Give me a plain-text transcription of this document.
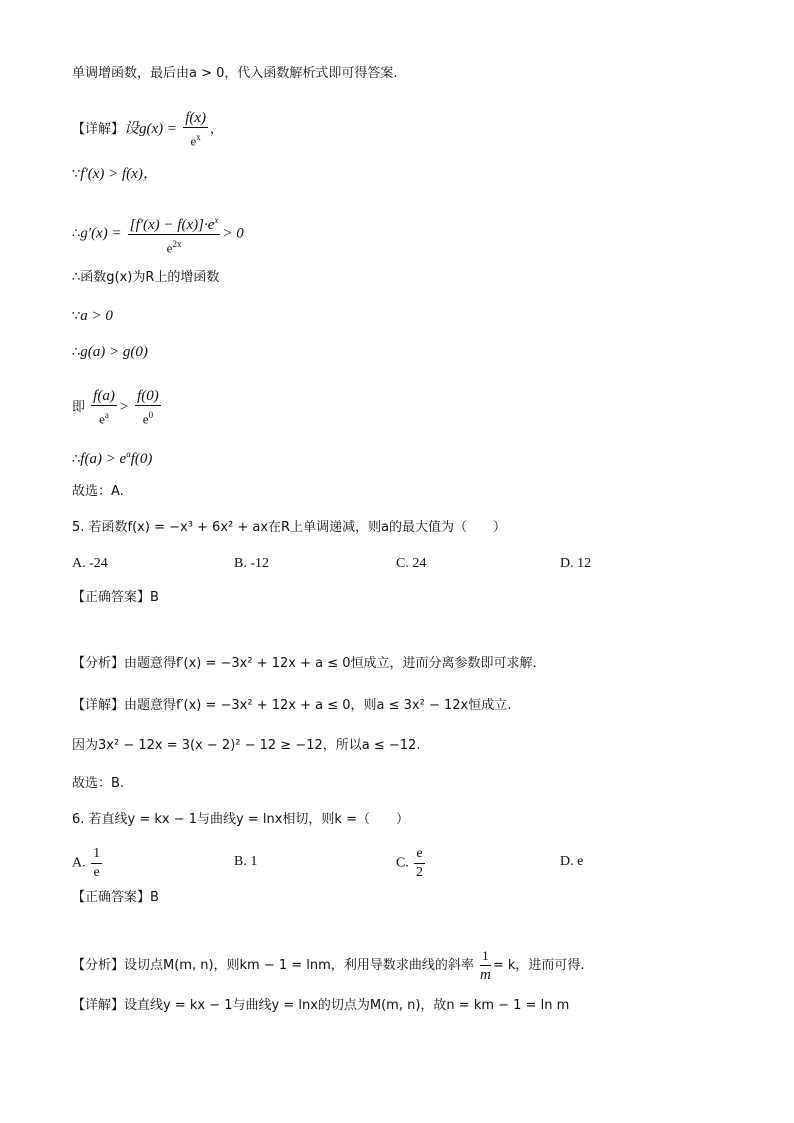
单调增函数，最后由a > 0，代入函数解析式即可得答案.
【详解】设$g(x) = \frac{f(x)}{e^x}$ ，
∵f′(x) > f(x)，
∴g′(x) = $\frac{[f'(x) - f(x)]\cdot e^x}{e^{2x}} > 0$
∴函数g(x)为R上的增函数
∵a > 0
∴g(a) > g(0)
即 $\frac{f(a)}{e^a} > \frac{f(0)}{e^0}$
∴f(a) > $e^af(0)$
故选：A.
5. 若函数f(x) = −x³ + 6x² + ax在R上单调递减，则a的最大值为（　　）
A. -24	B. -12	C. 24	D. 12
【正确答案】B
【分析】由题意得f′(x) = −3x² + 12x + a ≤ 0恒成立，进而分离参数即可求解.
【详解】由题意得f′(x) = −3x² + 12x + a ≤ 0，则a ≤ 3x² − 12x恒成立.
因为3x² − 12x = 3(x − 2)² − 12 ≥ −12，所以a ≤ −12.
故选：B.
6. 若直线y = kx − 1与曲线y = lnx相切，则k =（　　）
A. $\frac{1}{e}$	B. 1	C. $\frac{e}{2}$	D. e
【正确答案】B
【分析】设切点M(m, n)，则km − 1 = lnm，利用导数求曲线的斜率 $\frac{1}{m} = k$，进而可得.
【详解】设直线y = kx − 1与曲线y = lnx的切点为M(m, n)，故n = km − 1 = ln m
